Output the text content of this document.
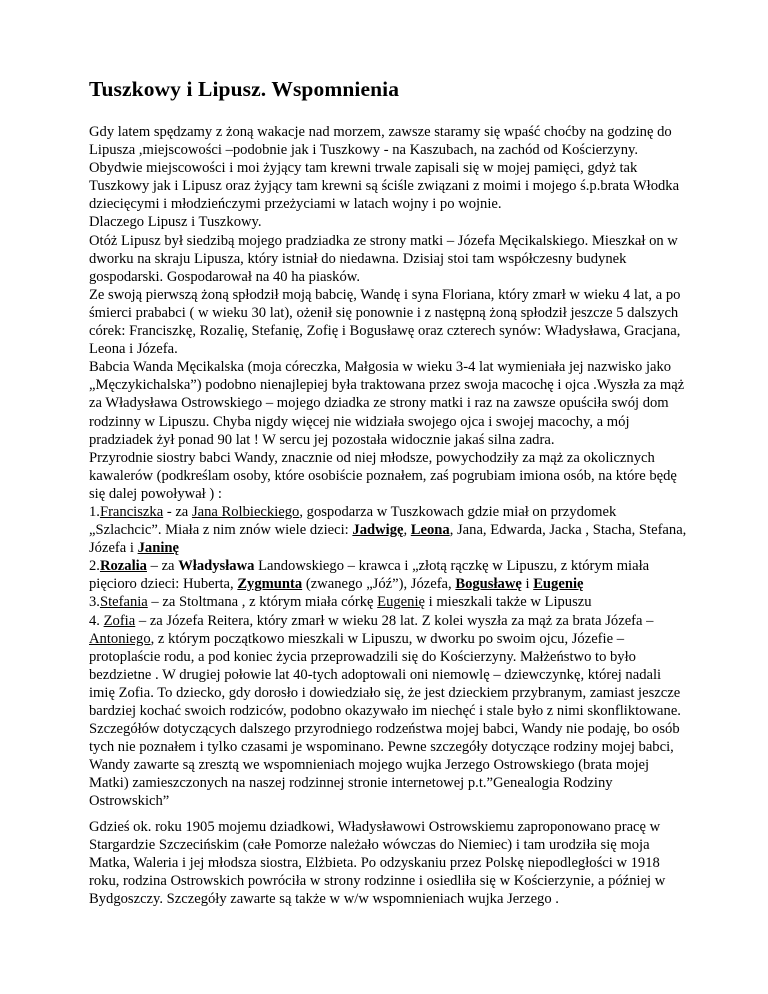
Tuszkowy i Lipusz. Wspomnienia

Gdy latem spędzamy z żoną wakacje nad morzem, zawsze staramy się wpaść choćby na godzinę do Lipusza ,miejscowości –podobnie jak i Tuszkowy - na Kaszubach, na zachód od Kościerzyny. Obydwie miejscowości i moi żyjący tam krewni trwale zapisali się w mojej pamięci, gdyż tak Tuszkowy jak i Lipusz oraz żyjący tam krewni są ściśle związani z moimi i mojego ś.p.brata Włodka dziecięcymi i młodzieńczymi przeżyciami w latach wojny i po wojnie.

Dlaczego Lipusz i Tuszkowy.

Otóż Lipusz był siedzibą mojego pradziadka ze strony matki – Józefa Męcikalskiego. Mieszkał on w dworku na skraju Lipusza, który istniał do niedawna. Dzisiaj stoi tam współczesny budynek gospodarski. Gospodarował na 40 ha piasków.

Ze swoją pierwszą żoną spłodził moją babcię, Wandę i syna Floriana, który zmarł w wieku 4 lat, a po śmierci prababci ( w wieku 30 lat), ożenił się ponownie i z następną żoną spłodził jeszcze 5 dalszych córek: Franciszkę, Rozalię, Stefanię, Zofię i Bogusławę oraz czterech synów: Władysława, Gracjana, Leona i Józefa.

Babcia Wanda Męcikalska (moja córeczka, Małgosia w wieku 3-4 lat wymieniała jej nazwisko jako „Męczykichalska”) podobno nienajlepiej była traktowana przez swoja macochę i ojca .Wyszła za mąż za Władysława Ostrowskiego – mojego dziadka ze strony matki i raz na zawsze opuściła swój dom rodzinny w Lipuszu. Chyba nigdy więcej nie widziała swojego ojca i swojej macochy, a mój pradziadek żył ponad 90 lat ! W sercu jej pozostała widocznie jakaś silna zadra.

Przyrodnie siostry babci Wandy, znacznie od niej młodsze, powychodziły za mąż za okolicznych kawalerów (podkreślam osoby, które osobiście poznałem, zaś pogrubiam imiona osób, na które będę się dalej powoływał ) :

1.Franciszka - za Jana Rolbieckiego, gospodarza w Tuszkowach gdzie miał on przydomek „Szlachcic”. Miała z nim znów wiele dzieci: Jadwigę, Leona, Jana, Edwarda, Jacka , Stacha, Stefana, Józefa i Janinę

2.Rozalia – za Władysława Landowskiego – krawca i „złotą rączkę w Lipuszu, z którym miała pięcioro dzieci: Huberta, Zygmunta (zwanego „Jóź”), Józefa, Bogusławę i Eugenię

3.Stefania – za Stoltmana , z którym miała córkę Eugenię i mieszkali także w Lipuszu

4. Zofia – za Józefa Reitera, który zmarł w wieku 28 lat. Z kolei wyszła za mąż za brata Józefa – Antoniego, z którym początkowo mieszkali w Lipuszu, w dworku po swoim ojcu, Józefie – protoplaście rodu, a pod koniec życia przeprowadzili się do Kościerzyny. Małżeństwo to było bezdzietne . W drugiej połowie lat 40-tych adoptowali oni niemowlę – dziewczynkę, której nadali imię Zofia. To dziecko, gdy dorosło i dowiedziało się, że jest dzieckiem przybranym, zamiast jeszcze bardziej kochać swoich rodziców, podobno okazywało im niechęć i stale było z nimi skonfliktowane.

Szczegółów dotyczących dalszego przyrodniego rodzeństwa mojej babci, Wandy nie podaję, bo osób tych nie poznałem i tylko czasami je wspominano. Pewne szczegóły dotyczące rodziny mojej babci, Wandy zawarte są zresztą we wspomnieniach mojego wujka Jerzego Ostrowskiego (brata mojej Matki) zamieszczonych na naszej rodzinnej stronie internetowej p.t.”Genealogia Rodziny Ostrowskich”

Gdzieś ok. roku 1905 mojemu dziadkowi, Władysławowi Ostrowskiemu zaproponowano pracę w Stargardzie Szczecińskim (całe Pomorze należało wówczas do Niemiec) i tam urodziła się moja Matka, Waleria i jej młodsza siostra, Elżbieta. Po odzyskaniu przez Polskę niepodległości w 1918 roku, rodzina Ostrowskich powróciła w strony rodzinne i osiedliła się w Kościerzynie, a później w Bydgoszczy. Szczegóły zawarte są także w w/w wspomnieniach wujka Jerzego .
